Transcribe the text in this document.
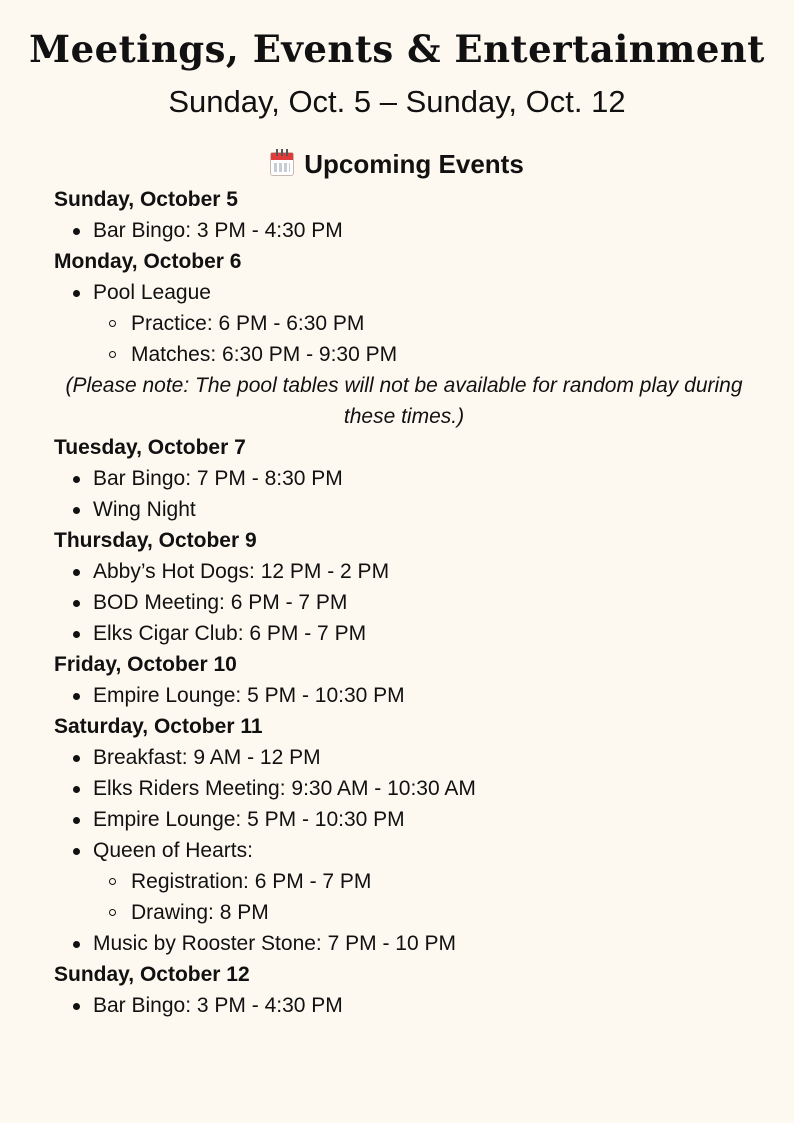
Meetings, Events & Entertainment

Sunday, Oct. 5 – Sunday, Oct. 12

Upcoming Events

Sunday, October 5

Bar Bingo: 3 PM - 4:30 PM

Monday, October 6

Pool League
Practice: 6 PM - 6:30 PM
Matches: 6:30 PM - 9:30 PM

(Please note: The pool tables will not be available for random play during these times.)

Tuesday, October 7

Bar Bingo: 7 PM - 8:30 PM
Wing Night

Thursday, October 9

Abby’s Hot Dogs: 12 PM - 2 PM
BOD Meeting: 6 PM - 7 PM
Elks Cigar Club: 6 PM - 7 PM

Friday, October 10

Empire Lounge: 5 PM - 10:30 PM

Saturday, October 11

Breakfast: 9 AM - 12 PM
Elks Riders Meeting: 9:30 AM - 10:30 AM
Empire Lounge: 5 PM - 10:30 PM
Queen of Hearts:
Registration: 6 PM - 7 PM
Drawing: 8 PM
Music by Rooster Stone: 7 PM - 10 PM

Sunday, October 12

Bar Bingo: 3 PM - 4:30 PM
